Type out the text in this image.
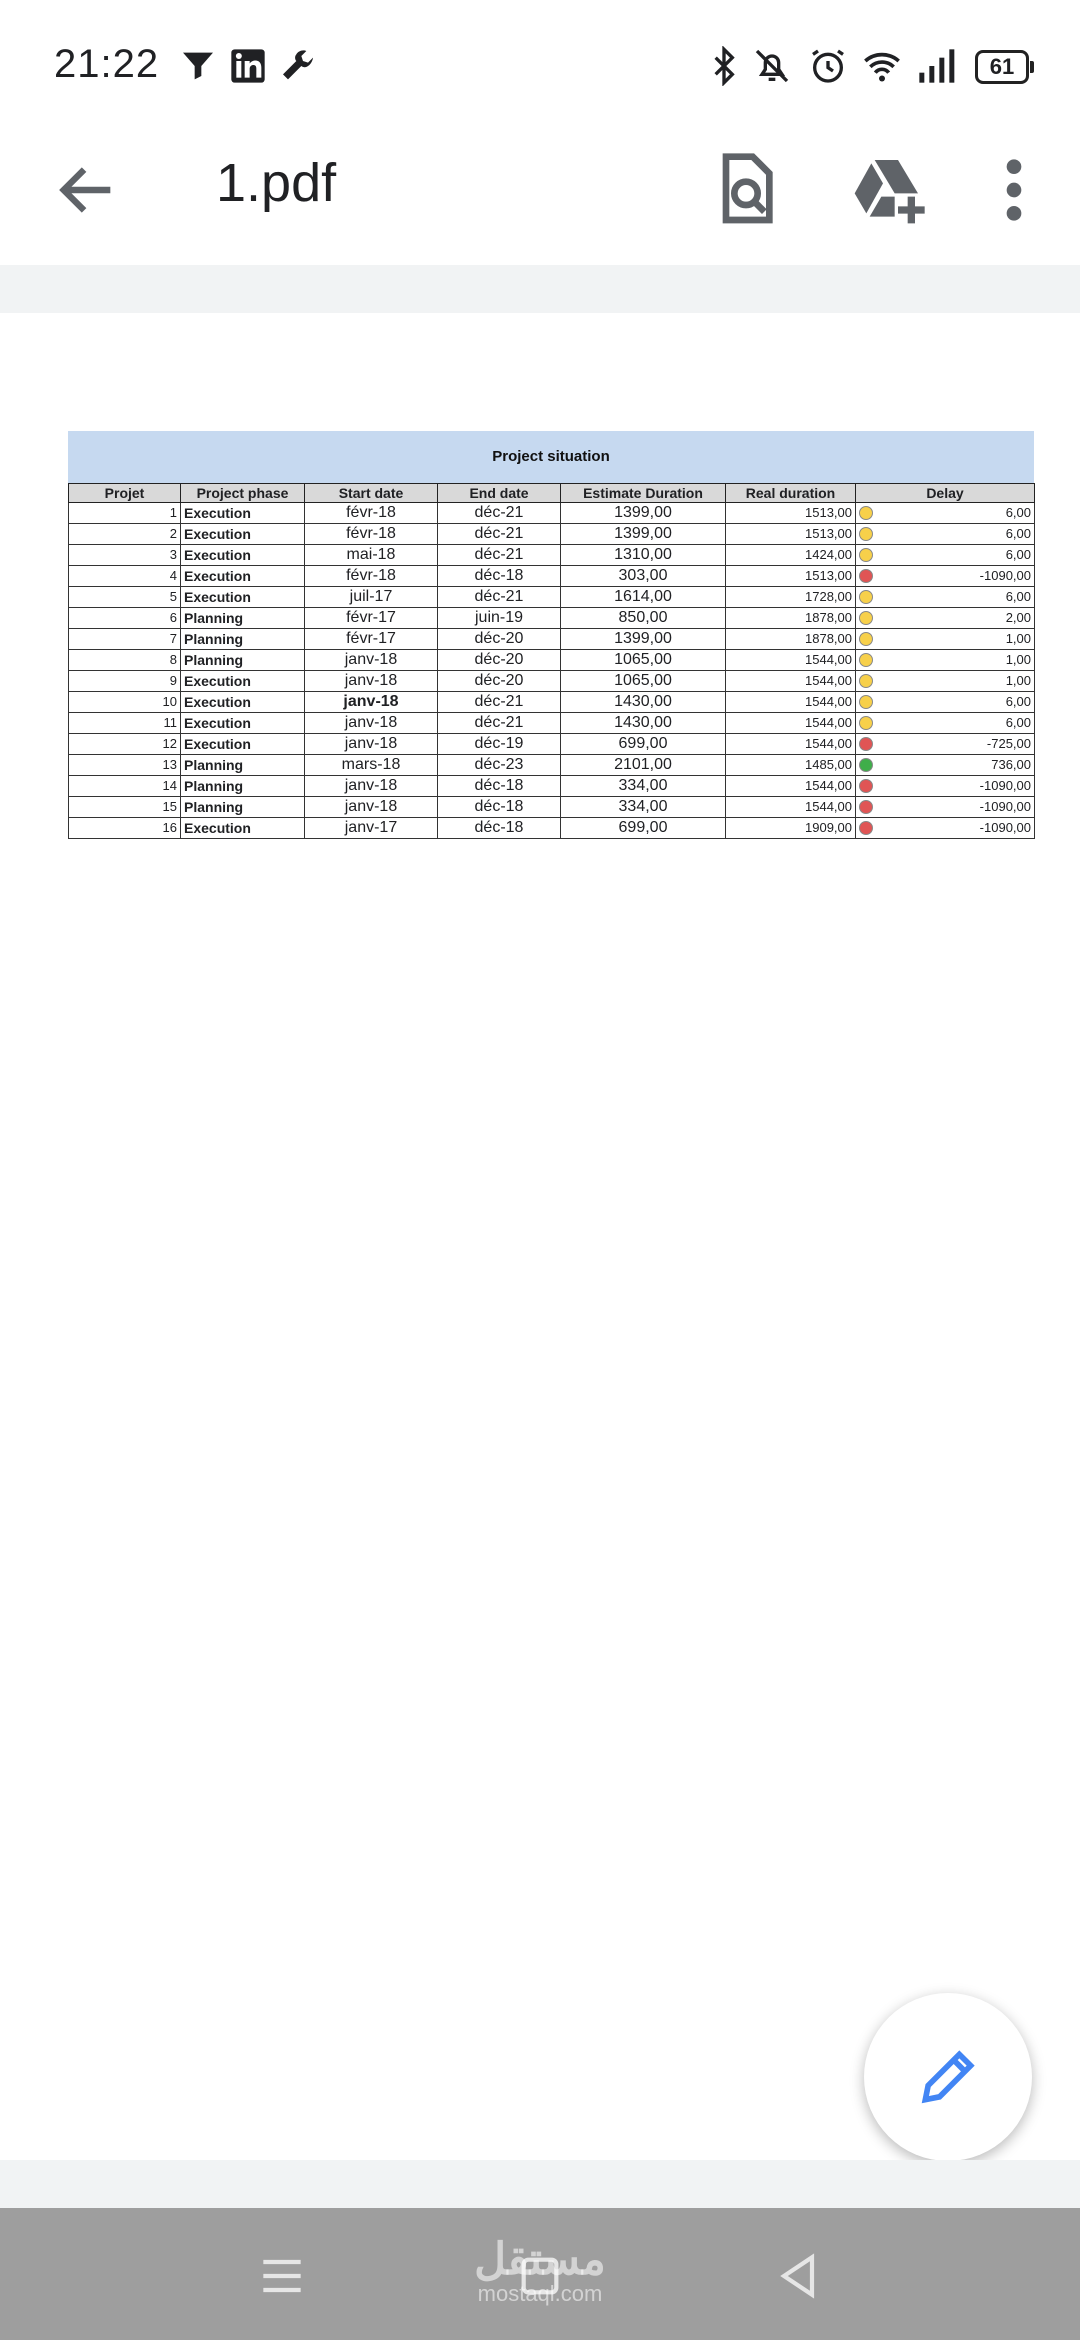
21:22	61
1.pdf
Project situation
Projet	Project phase	Start date	End date	Estimate Duration	Real duration	Delay
1	Execution	févr-18	déc-21	1399,00	1513,00	6,00
2	Execution	févr-18	déc-21	1399,00	1513,00	6,00
3	Execution	mai-18	déc-21	1310,00	1424,00	6,00
4	Execution	févr-18	déc-18	303,00	1513,00	-1090,00
5	Execution	juil-17	déc-21	1614,00	1728,00	6,00
6	Planning	févr-17	juin-19	850,00	1878,00	2,00
7	Planning	févr-17	déc-20	1399,00	1878,00	1,00
8	Planning	janv-18	déc-20	1065,00	1544,00	1,00
9	Execution	janv-18	déc-20	1065,00	1544,00	1,00
10	Execution	janv-18	déc-21	1430,00	1544,00	6,00
11	Execution	janv-18	déc-21	1430,00	1544,00	6,00
12	Execution	janv-18	déc-19	699,00	1544,00	-725,00
13	Planning	mars-18	déc-23	2101,00	1485,00	736,00
14	Planning	janv-18	déc-18	334,00	1544,00	-1090,00
15	Planning	janv-18	déc-18	334,00	1544,00	-1090,00
16	Execution	janv-17	déc-18	699,00	1909,00	-1090,00
مستقل
mostaql.com
